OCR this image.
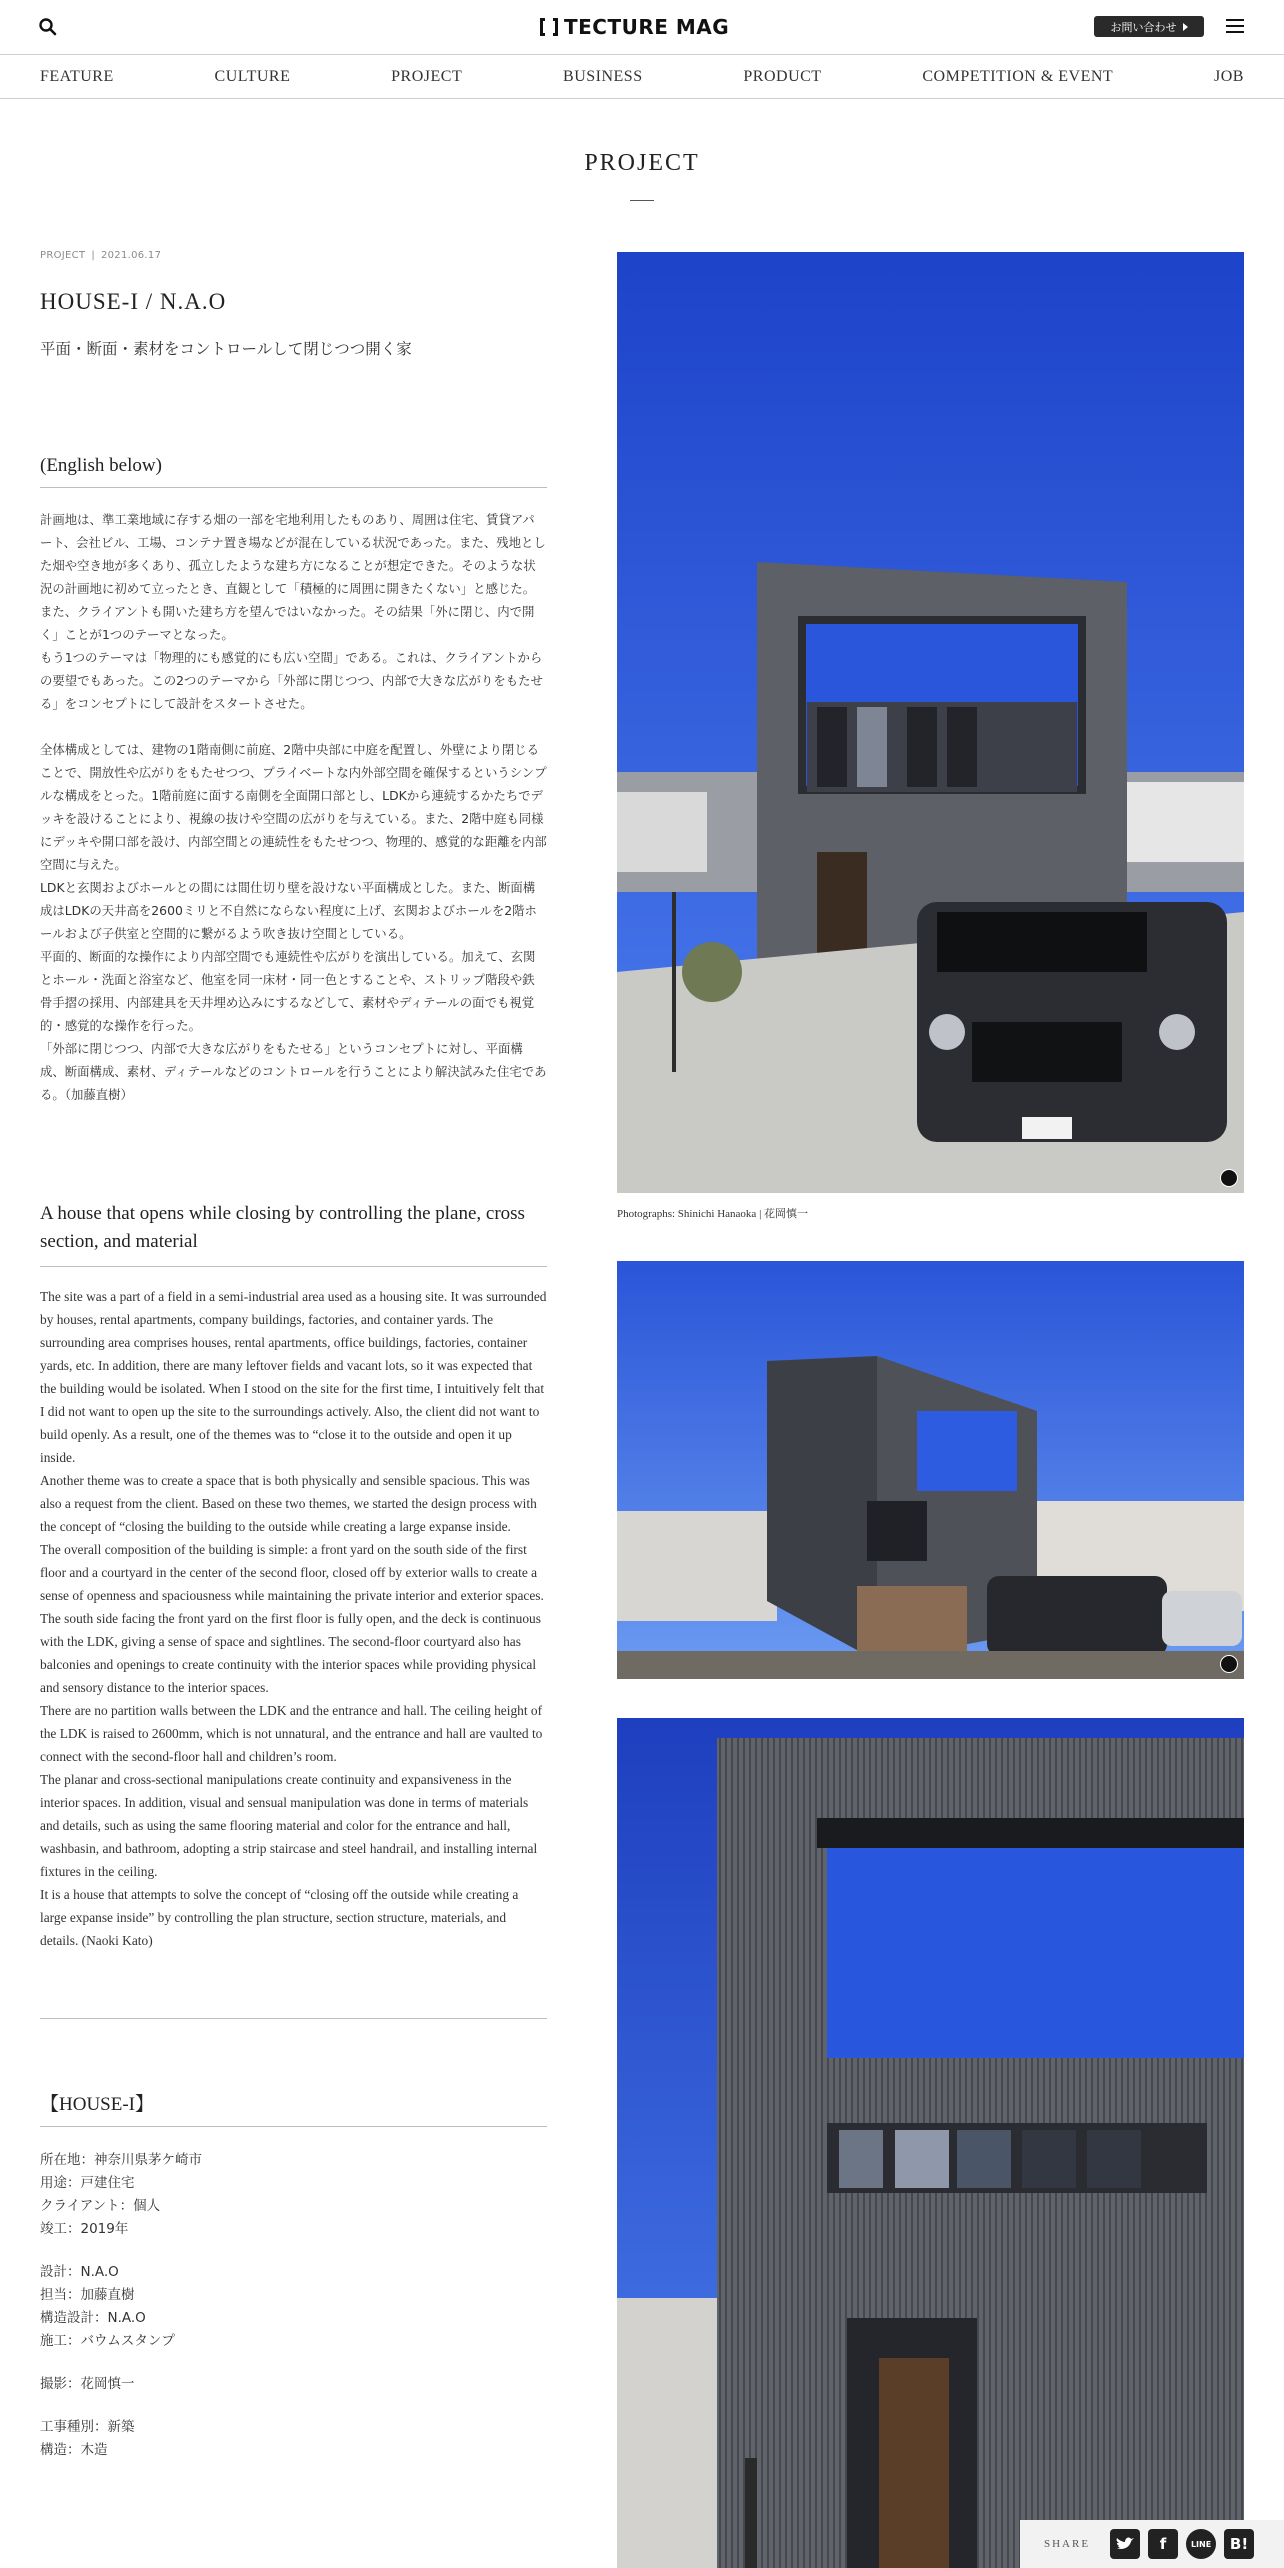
TECTURE MAG	お問い合わせ
FEATURE	CULTURE	PROJECT	BUSINESS	PRODUCT	COMPETITION & EVENT	JOB
PROJECT
PROJECT | 2021.06.17
HOUSE-I / N.A.O
平面・断面・素材をコントロールして閉じつつ開く家
(English below)

計画地は、準工業地域に存する畑の一部を宅地利用したものあり、周囲は住宅、賃貸アパート、会社ビル、工場、コンテナ置き場などが混在している状況であった。また、残地とした畑や空き地が多くあり、孤立したような建ち方になることが想定できた。そのような状況の計画地に初めて立ったとき、直観として「積極的に周囲に開きたくない」と感じた。また、クライアントも開いた建ち方を望んではいなかった。その結果「外に閉じ、内で開く」ことが1つのテーマとなった。
もう1つのテーマは「物理的にも感覚的にも広い空間」である。これは、クライアントからの要望でもあった。この2つのテーマから「外部に閉じつつ、内部で大きな広がりをもたせる」をコンセプトにして設計をスタートさせた。

全体構成としては、建物の1階南側に前庭、2階中央部に中庭を配置し、外壁により閉じることで、開放性や広がりをもたせつつ、プライベートな内外部空間を確保するというシンプルな構成をとった。1階前庭に面する南側を全面開口部とし、LDKから連続するかたちでデッキを設けることにより、視線の抜けや空間の広がりを与えている。また、2階中庭も同様にデッキや開口部を設け、内部空間との連続性をもたせつつ、物理的、感覚的な距離を内部空間に与えた。
LDKと玄関およびホールとの間には間仕切り壁を設けない平面構成とした。また、断面構成はLDKの天井高を2600ミリと不自然にならない程度に上げ、玄関およびホールを2階ホールおよび子供室と空間的に繋がるよう吹き抜け空間としている。
平面的、断面的な操作により内部空間でも連続性や広がりを演出している。加えて、玄関とホール・洗面と浴室など、他室を同一床材・同一色とすることや、ストリップ階段や鉄骨手摺の採用、内部建具を天井埋め込みにするなどして、素材やディテールの面でも視覚的・感覚的な操作を行った。
「外部に閉じつつ、内部で大きな広がりをもたせる」というコンセプトに対し、平面構成、断面構成、素材、ディテールなどのコントロールを行うことにより解決試みた住宅である。（加藤直樹）

A house that opens while closing by controlling the plane, cross section, and material

The site was a part of a field in a semi-industrial area used as a housing site. It was surrounded by houses, rental apartments, company buildings, factories, and container yards. The surrounding area comprises houses, rental apartments, office buildings, factories, container yards, etc. In addition, there are many leftover fields and vacant lots, so it was expected that the building would be isolated. When I stood on the site for the first time, I intuitively felt that I did not want to open up the site to the surroundings actively. Also, the client did not want to build openly. As a result, one of the themes was to “close it to the outside and open it up inside.
Another theme was to create a space that is both physically and sensible spacious. This was also a request from the client. Based on these two themes, we started the design process with the concept of “closing the building to the outside while creating a large expanse inside.
The overall composition of the building is simple: a front yard on the south side of the first floor and a courtyard in the center of the second floor, closed off by exterior walls to create a sense of openness and spaciousness while maintaining the private interior and exterior spaces. The south side facing the front yard on the first floor is fully open, and the deck is continuous with the LDK, giving a sense of space and sightlines. The second-floor courtyard also has balconies and openings to create continuity with the interior spaces while providing physical and sensory distance to the interior spaces.
There are no partition walls between the LDK and the entrance and hall. The ceiling height of the LDK is raised to 2600mm, which is not unnatural, and the entrance and hall are vaulted to connect with the second-floor hall and children’s room.
The planar and cross-sectional manipulations create continuity and expansiveness in the interior spaces. In addition, visual and sensual manipulation was done in terms of materials and details, such as using the same flooring material and color for the entrance and hall, washbasin, and bathroom, adopting a strip staircase and steel handrail, and installing internal fixtures in the ceiling.
It is a house that attempts to solve the concept of “closing off the outside while creating a large expanse inside” by controlling the plan structure, section structure, materials, and details. (Naoki Kato)

【HOUSE-I】
所在地：神奈川県茅ケ崎市
用途：戸建住宅
クライアント：個人
竣工：2019年
設計：N.A.O
担当：加藤直樹
構造設計：N.A.O
施工：バウムスタンプ
撮影：花岡慎一
工事種別：新築
構造：木造
Photographs: Shinichi Hanaoka | 花岡慎一
SHARE	f	LINE	B!
